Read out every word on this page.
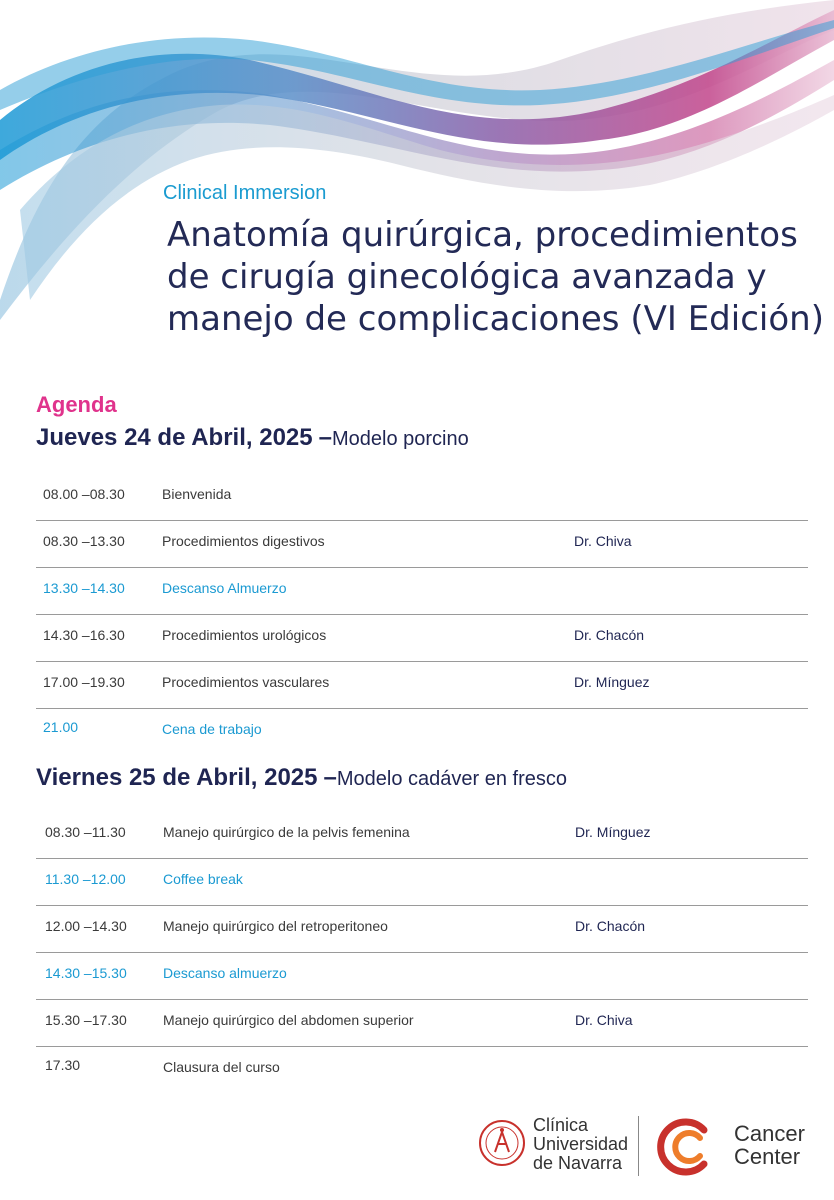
Clinical Immersion
Anatomía quirúrgica, procedimientos de cirugía ginecológica avanzada y manejo de complicaciones (VI Edición)
Agenda
Jueves 24 de Abril, 2025 –Modelo porcino
08.00 –08.30	Bienvenida
08.30 –13.30	Procedimientos digestivos	Dr. Chiva
13.30 –14.30	Descanso Almuerzo
14.30 –16.30	Procedimientos urológicos	Dr. Chacón
17.00 –19.30	Procedimientos vasculares	Dr. Mínguez
21.00	Cena de trabajo
Viernes 25 de Abril, 2025 –Modelo cadáver en fresco
08.30 –11.30	Manejo quirúrgico de la pelvis femenina	Dr. Mínguez
11.30 –12.00	Coffee break
12.00 –14.30	Manejo quirúrgico del retroperitoneo	Dr. Chacón
14.30 –15.30	Descanso almuerzo
15.30 –17.30	Manejo quirúrgico del abdomen superior	Dr. Chiva
17.30	Clausura del curso
Clínica
Universidad
de Navarra
Cancer
Center
